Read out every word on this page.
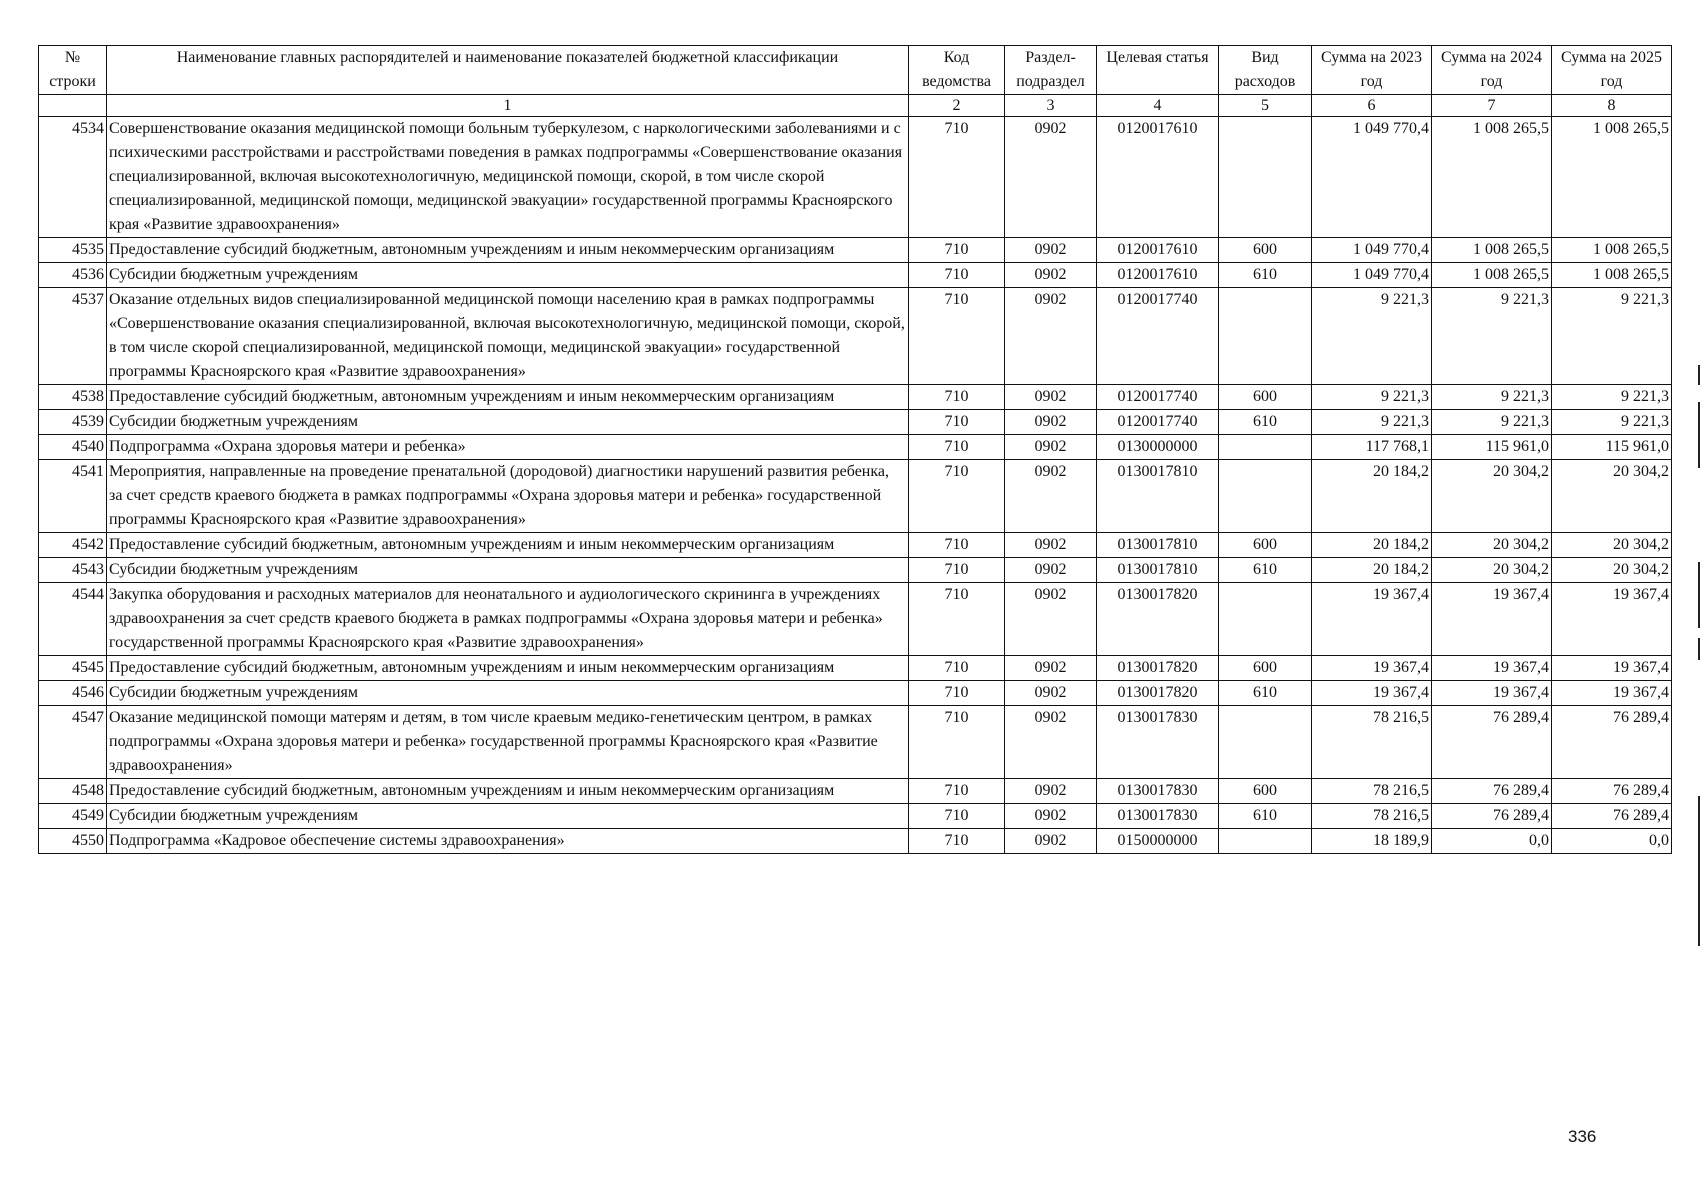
№ строки	Наименование главных распорядителей и наименование показателей бюджетной классификации	Код ведомства	Раздел-подраздел	Целевая статья	Вид расходов	Сумма на 2023 год	Сумма на 2024 год	Сумма на 2025 год
	1	2	3	4	5	6	7	8
4534	Совершенствование оказания медицинской помощи больным туберкулезом, с наркологическими заболеваниями и с психическими расстройствами и расстройствами поведения в рамках подпрограммы «Совершенствование оказания специализированной, включая высокотехнологичную, медицинской помощи, скорой, в том числе скорой специализированной, медицинской помощи, медицинской эвакуации» государственной программы Красноярского края «Развитие здравоохранения»	710	0902	0120017610		1 049 770,4	1 008 265,5	1 008 265,5
4535	Предоставление субсидий бюджетным, автономным учреждениям и иным некоммерческим организациям	710	0902	0120017610	600	1 049 770,4	1 008 265,5	1 008 265,5
4536	Субсидии бюджетным учреждениям	710	0902	0120017610	610	1 049 770,4	1 008 265,5	1 008 265,5
4537	Оказание отдельных видов специализированной медицинской помощи населению края в рамках подпрограммы «Совершенствование оказания специализированной, включая высокотехнологичную, медицинской помощи, скорой, в том числе скорой специализированной, медицинской помощи, медицинской эвакуации» государственной программы Красноярского края «Развитие здравоохранения»	710	0902	0120017740		9 221,3	9 221,3	9 221,3
4538	Предоставление субсидий бюджетным, автономным учреждениям и иным некоммерческим организациям	710	0902	0120017740	600	9 221,3	9 221,3	9 221,3
4539	Субсидии бюджетным учреждениям	710	0902	0120017740	610	9 221,3	9 221,3	9 221,3
4540	Подпрограмма «Охрана здоровья матери и ребенка»	710	0902	0130000000		117 768,1	115 961,0	115 961,0
4541	Мероприятия, направленные на проведение пренатальной (дородовой) диагностики нарушений развития ребенка, за счет средств краевого бюджета в рамках подпрограммы «Охрана здоровья матери и ребенка» государственной программы Красноярского края «Развитие здравоохранения»	710	0902	0130017810		20 184,2	20 304,2	20 304,2
4542	Предоставление субсидий бюджетным, автономным учреждениям и иным некоммерческим организациям	710	0902	0130017810	600	20 184,2	20 304,2	20 304,2
4543	Субсидии бюджетным учреждениям	710	0902	0130017810	610	20 184,2	20 304,2	20 304,2
4544	Закупка оборудования и расходных материалов для неонатального и аудиологического скрининга в учреждениях здравоохранения за счет средств краевого бюджета в рамках подпрограммы «Охрана здоровья матери и ребенка» государственной программы Красноярского края «Развитие здравоохранения»	710	0902	0130017820		19 367,4	19 367,4	19 367,4
4545	Предоставление субсидий бюджетным, автономным учреждениям и иным некоммерческим организациям	710	0902	0130017820	600	19 367,4	19 367,4	19 367,4
4546	Субсидии бюджетным учреждениям	710	0902	0130017820	610	19 367,4	19 367,4	19 367,4
4547	Оказание медицинской помощи матерям и детям, в том числе краевым медико-генетическим центром, в рамках подпрограммы «Охрана здоровья матери и ребенка» государственной программы Красноярского края «Развитие здравоохранения»	710	0902	0130017830		78 216,5	76 289,4	76 289,4
4548	Предоставление субсидий бюджетным, автономным учреждениям и иным некоммерческим организациям	710	0902	0130017830	600	78 216,5	76 289,4	76 289,4
4549	Субсидии бюджетным учреждениям	710	0902	0130017830	610	78 216,5	76 289,4	76 289,4
4550	Подпрограмма «Кадровое обеспечение системы здравоохранения»	710	0902	0150000000		18 189,9	0,0	0,0
336
